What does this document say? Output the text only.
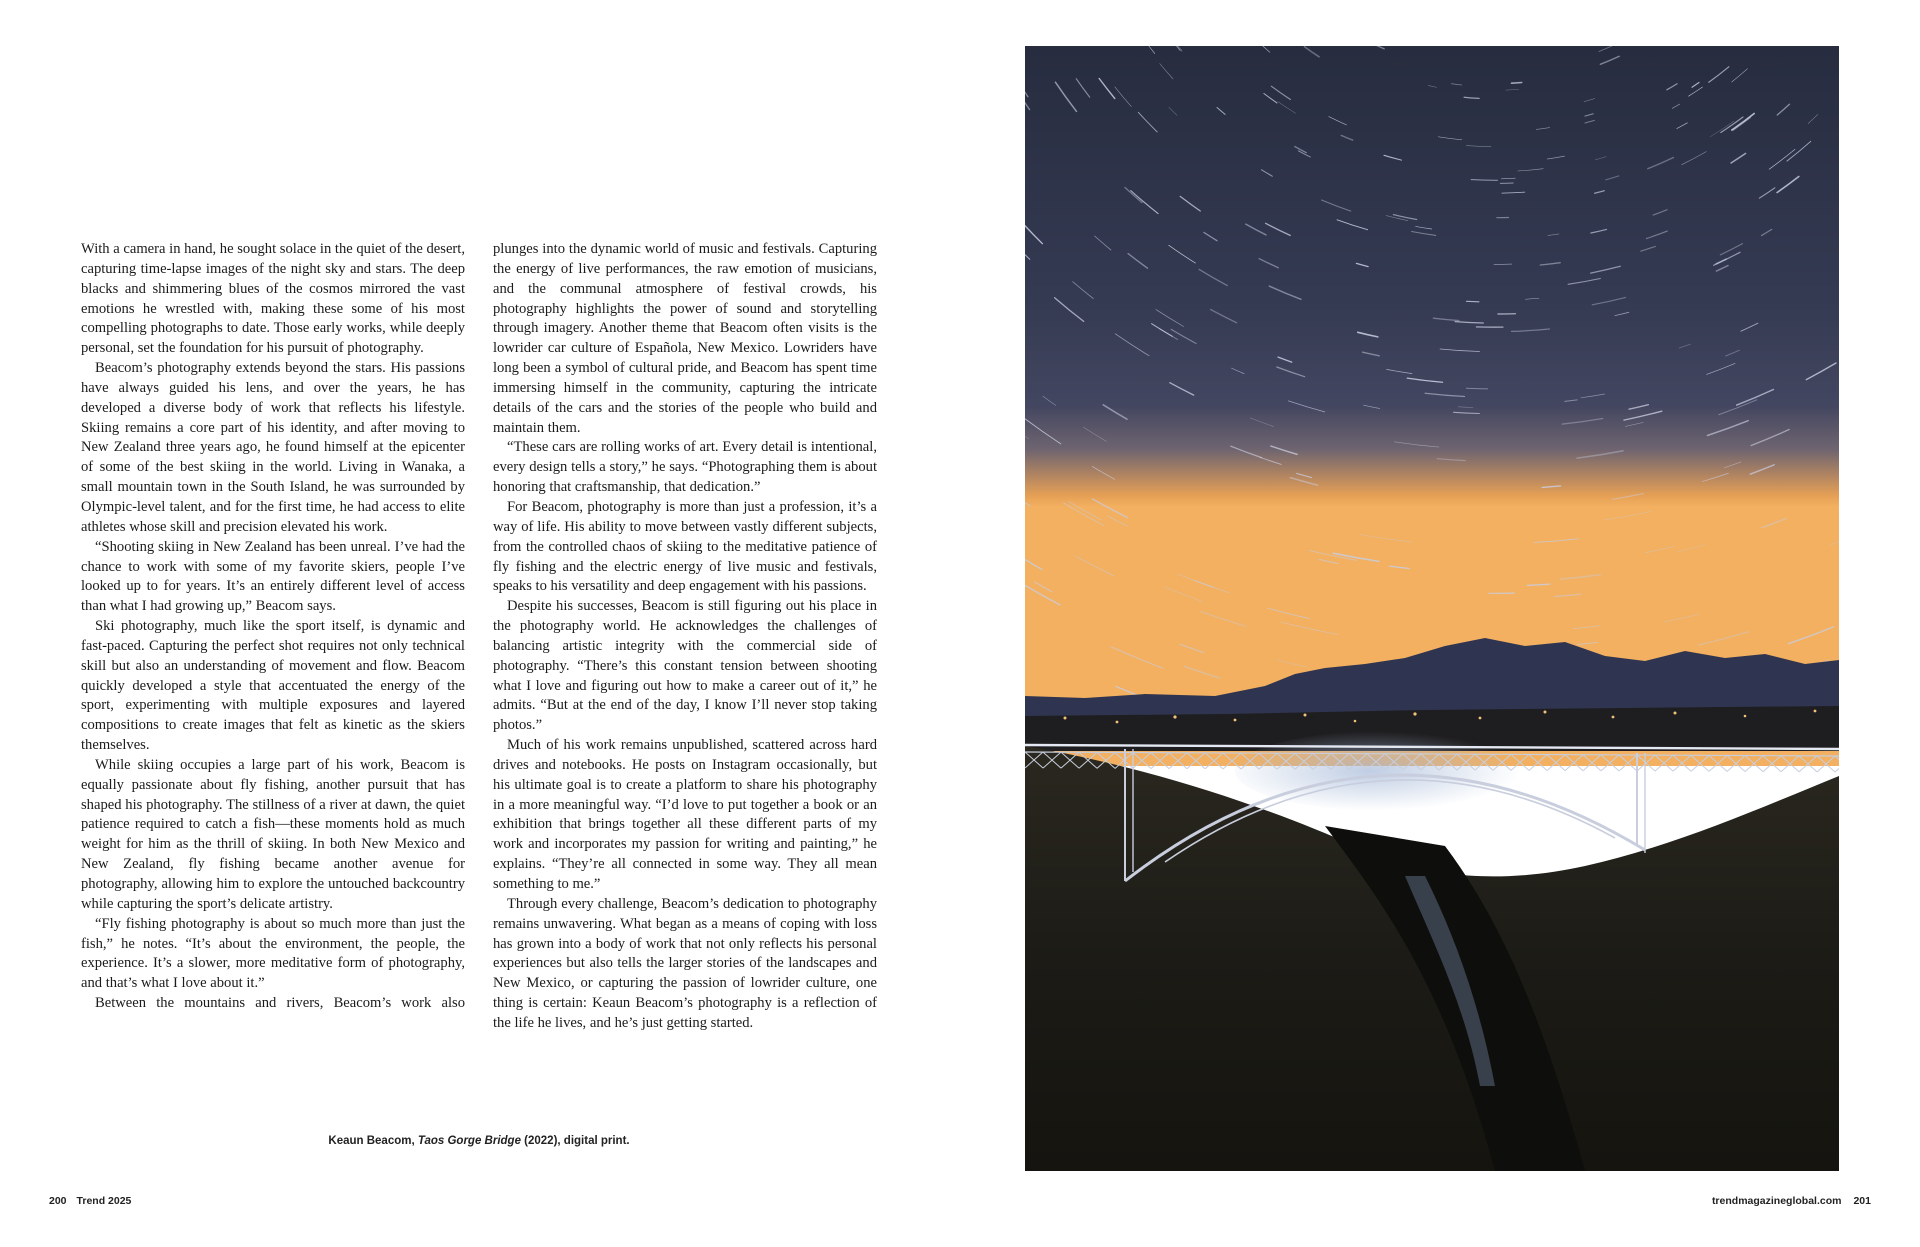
With a camera in hand, he sought solace in the quiet of the desert, capturing time-lapse images of the night sky and stars. The deep blacks and shimmering blues of the cosmos mirrored the vast emotions he wrestled with, making these some of his most compelling photographs to date. Those early works, while deeply personal, set the foundation for his pursuit of photography.

Beacom’s photography extends beyond the stars. His passions have always guided his lens, and over the years, he has developed a diverse body of work that reflects his lifestyle. Skiing remains a core part of his identity, and after moving to New Zealand three years ago, he found himself at the epicenter of some of the best skiing in the world. Living in Wanaka, a small mountain town in the South Island, he was surrounded by Olympic-level talent, and for the first time, he had access to elite athletes whose skill and precision elevated his work.

“Shooting skiing in New Zealand has been unreal. I’ve had the chance to work with some of my favorite skiers, people I’ve looked up to for years. It’s an entirely different level of access than what I had growing up,” Beacom says.

Ski photography, much like the sport itself, is dynamic and fast-paced. Capturing the perfect shot requires not only technical skill but also an understanding of movement and flow. Beacom quickly developed a style that accentuated the energy of the sport, experimenting with multiple exposures and layered compositions to create images that felt as kinetic as the skiers themselves.

While skiing occupies a large part of his work, Beacom is equally passionate about fly fishing, another pursuit that has shaped his photography. The stillness of a river at dawn, the quiet patience required to catch a fish—these moments hold as much weight for him as the thrill of skiing. In both New Mexico and New Zealand, fly fishing became another avenue for photography, allowing him to explore the untouched backcountry while capturing the sport’s delicate artistry.

“Fly fishing photography is about so much more than just the fish,” he notes. “It’s about the environment, the people, the experience. It’s a slower, more meditative form of photography, and that’s what I love about it.”

Between the mountains and rivers, Beacom’s work also

plunges into the dynamic world of music and festivals. Capturing the energy of live performances, the raw emotion of musicians, and the communal atmosphere of festival crowds, his photography highlights the power of sound and storytelling through imagery. Another theme that Beacom often visits is the lowrider car culture of Española, New Mexico. Lowriders have long been a symbol of cultural pride, and Beacom has spent time immersing himself in the community, capturing the intricate details of the cars and the stories of the people who build and maintain them.

“These cars are rolling works of art. Every detail is intentional, every design tells a story,” he says. “Photographing them is about honoring that craftsmanship, that dedication.”

For Beacom, photography is more than just a profession, it’s a way of life. His ability to move between vastly different subjects, from the controlled chaos of skiing to the meditative patience of fly fishing and the electric energy of live music and festivals, speaks to his versatility and deep engagement with his passions.

Despite his successes, Beacom is still figuring out his place in the photography world. He acknowledges the challenges of balancing artistic integrity with the commercial side of photography. “There’s this constant tension between shooting what I love and figuring out how to make a career out of it,” he admits. “But at the end of the day, I know I’ll never stop taking photos.”

Much of his work remains unpublished, scattered across hard drives and notebooks. He posts on Instagram occasionally, but his ultimate goal is to create a platform to share his photography in a more meaningful way. “I’d love to put together a book or an exhibition that brings together all these different parts of my work and incorporates my passion for writing and painting,” he explains. “They’re all connected in some way. They all mean something to me.”

Through every challenge, Beacom’s dedication to photography remains unwavering. What began as a means of coping with loss has grown into a body of work that not only reflects his personal experiences but also tells the larger stories of the landscapes and New Mexico, or capturing the passion of lowrider culture, one thing is certain: Keaun Beacom’s photography is a reflection of the life he lives, and he’s just getting started.

Keaun Beacom, Taos Gorge Bridge (2022), digital print.
200 Trend 2025	trendmagazineglobal.com 201
